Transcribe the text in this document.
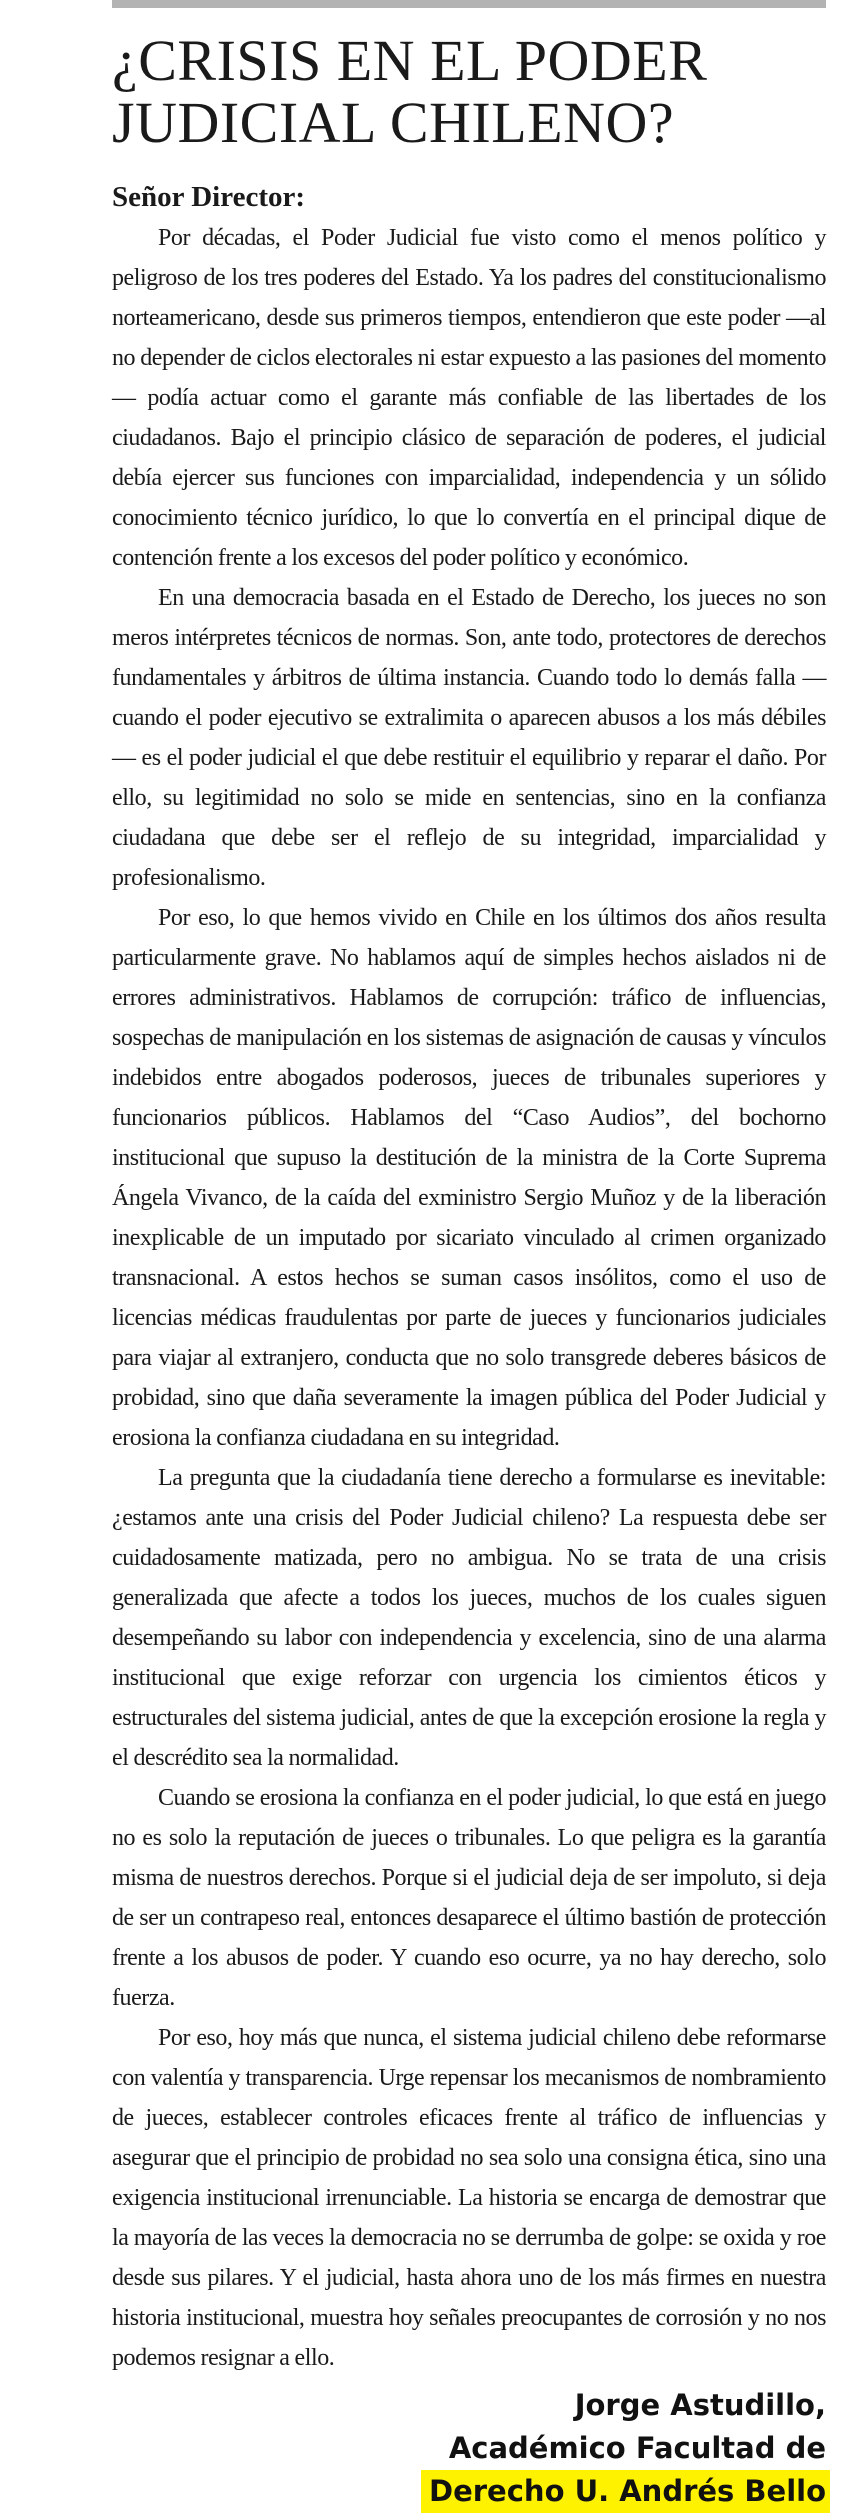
¿CRISIS EN EL PODER JUDICIAL CHILENO?
Señor Director:

Por décadas, el Poder Judicial fue visto como el menos político y peligroso de los tres poderes del Estado. Ya los padres del constitucionalismo norteamericano, desde sus primeros tiempos, entendieron que este poder —al no depender de ciclos electorales ni estar expuesto a las pasiones del momento— podía actuar como el garante más confiable de las libertades de los ciudadanos. Bajo el principio clásico de separación de poderes, el judicial debía ejercer sus funciones con imparcialidad, independencia y un sólido conocimiento técnico jurídico, lo que lo convertía en el principal dique de contención frente a los excesos del poder político y económico.

En una democracia basada en el Estado de Derecho, los jueces no son meros intérpretes técnicos de normas. Son, ante todo, protectores de derechos fundamentales y árbitros de última instancia. Cuando todo lo demás falla —cuando el poder ejecutivo se extralimita o aparecen abusos a los más débiles— es el poder judicial el que debe restituir el equilibrio y reparar el daño. Por ello, su legitimidad no solo se mide en sentencias, sino en la confianza ciudadana que debe ser el reflejo de su integridad, imparcialidad y profesionalismo.

Por eso, lo que hemos vivido en Chile en los últimos dos años resulta particularmente grave. No hablamos aquí de simples hechos aislados ni de errores administrativos. Hablamos de corrupción: tráfico de influencias, sospechas de manipulación en los sistemas de asignación de causas y vínculos indebidos entre abogados poderosos, jueces de tribunales superiores y funcionarios públicos. Hablamos del “Caso Audios”, del bochorno institucional que supuso la destitución de la ministra de la Corte Suprema Ángela Vivanco, de la caída del exministro Sergio Muñoz y de la liberación inexplicable de un imputado por sicariato vinculado al crimen organizado transnacional. A estos hechos se suman casos insólitos, como el uso de licencias médicas fraudulentas por parte de jueces y funcionarios judiciales para viajar al extranjero, conducta que no solo transgrede deberes básicos de probidad, sino que daña severamente la imagen pública del Poder Judicial y erosiona la confianza ciudadana en su integridad.

La pregunta que la ciudadanía tiene derecho a formularse es inevitable: ¿estamos ante una crisis del Poder Judicial chileno? La respuesta debe ser cuidadosamente matizada, pero no ambigua. No se trata de una crisis generalizada que afecte a todos los jueces, muchos de los cuales siguen desempeñando su labor con independencia y excelencia, sino de una alarma institucional que exige reforzar con urgencia los cimientos éticos y estructurales del sistema judicial, antes de que la excepción erosione la regla y el descrédito sea la normalidad.

Cuando se erosiona la confianza en el poder judicial, lo que está en juego no es solo la reputación de jueces o tribunales. Lo que peligra es la garantía misma de nuestros derechos. Porque si el judicial deja de ser impoluto, si deja de ser un contrapeso real, entonces desaparece el último bastión de protección frente a los abusos de poder. Y cuando eso ocurre, ya no hay derecho, solo fuerza.

Por eso, hoy más que nunca, el sistema judicial chileno debe reformarse con valentía y transparencia. Urge repensar los mecanismos de nombramiento de jueces, establecer controles eficaces frente al tráfico de influencias y asegurar que el principio de probidad no sea solo una consigna ética, sino una exigencia institucional irrenunciable. La historia se encarga de demostrar que la mayoría de las veces la democracia no se derrumba de golpe: se oxida y roe desde sus pilares. Y el judicial, hasta ahora uno de los más firmes en nuestra historia institucional, muestra hoy señales preocupantes de corrosión y no nos podemos resignar a ello.

Jorge Astudillo,
Académico Facultad de
Derecho U. Andrés Bello
